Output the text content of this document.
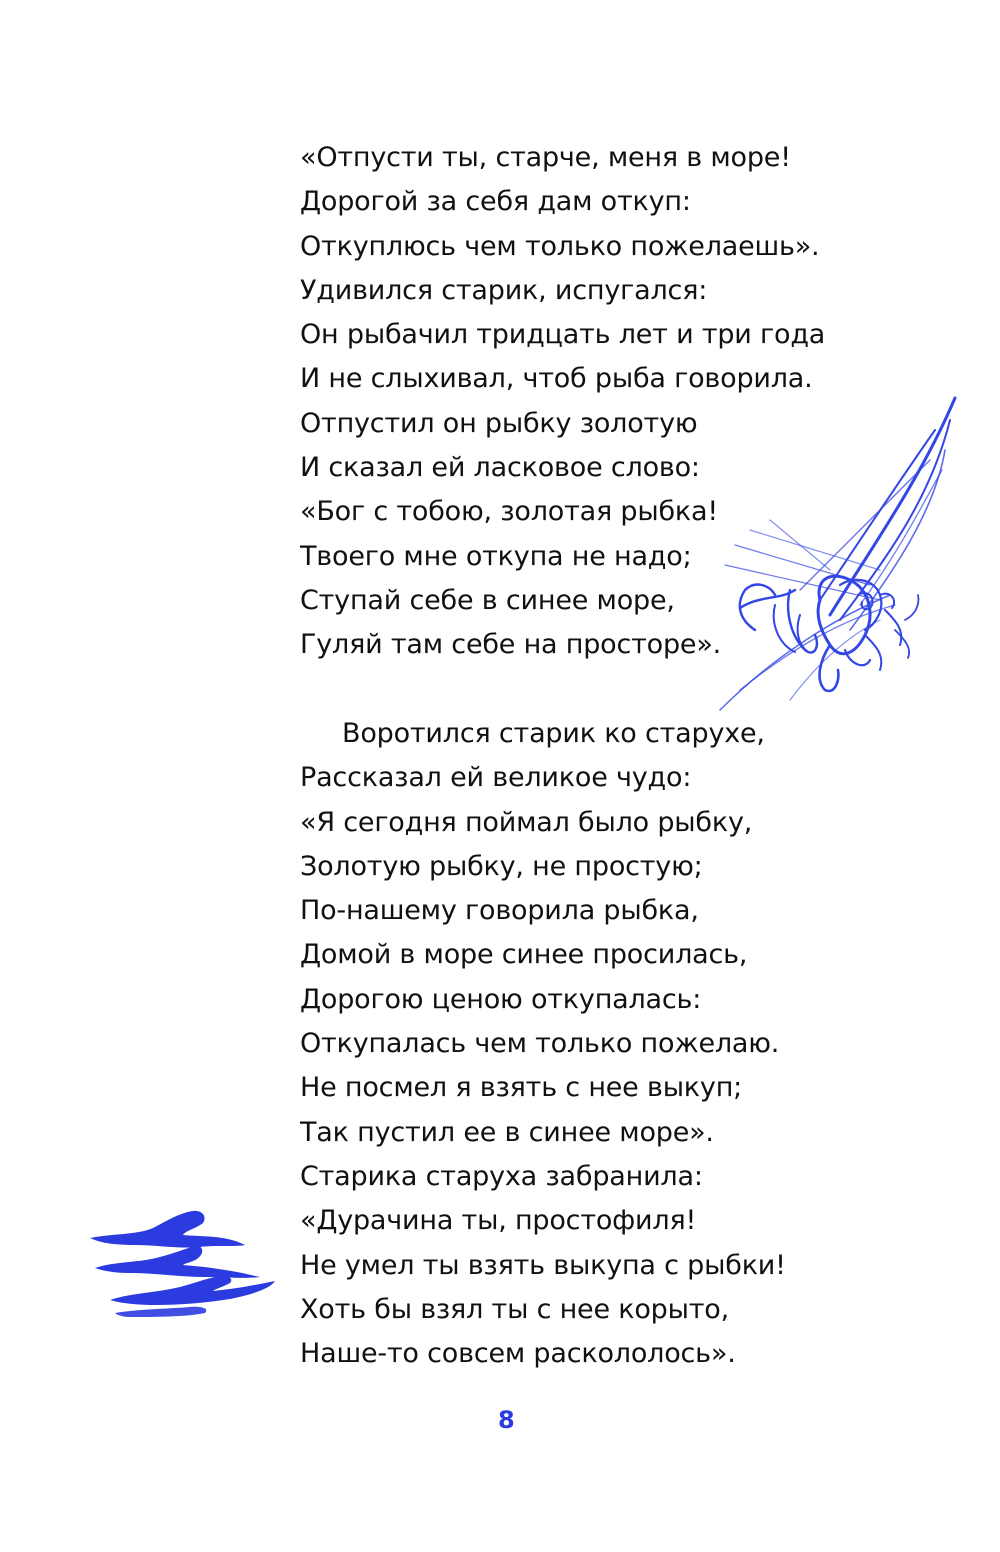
«Отпусти ты, старче, меня в море!
Дорогой за себя дам откуп:
Откуплюсь чем только пожелаешь».
Удивился старик, испугался:
Он рыбачил тридцать лет и три года
И не слыхивал, чтоб рыба говорила.
Отпустил он рыбку золотую
И сказал ей ласковое слово:
«Бог с тобою, золотая рыбка!
Твоего мне откупа не надо;
Ступай себе в синее море,
Гуляй там себе на просторе».
Воротился старик ко старухе,
Рассказал ей великое чудо:
«Я сегодня поймал было рыбку,
Золотую рыбку, не простую;
По-нашему говорила рыбка,
Домой в море синее просилась,
Дорогою ценою откупалась:
Откупалась чем только пожелаю.
Не посмел я взять с нее выкуп;
Так пустил ее в синее море».
Старика старуха забранила:
«Дурачина ты, простофиля!
Не умел ты взять выкупа с рыбки!
Хоть бы взял ты с нее корыто,
Наше-то совсем раскололось».
8
